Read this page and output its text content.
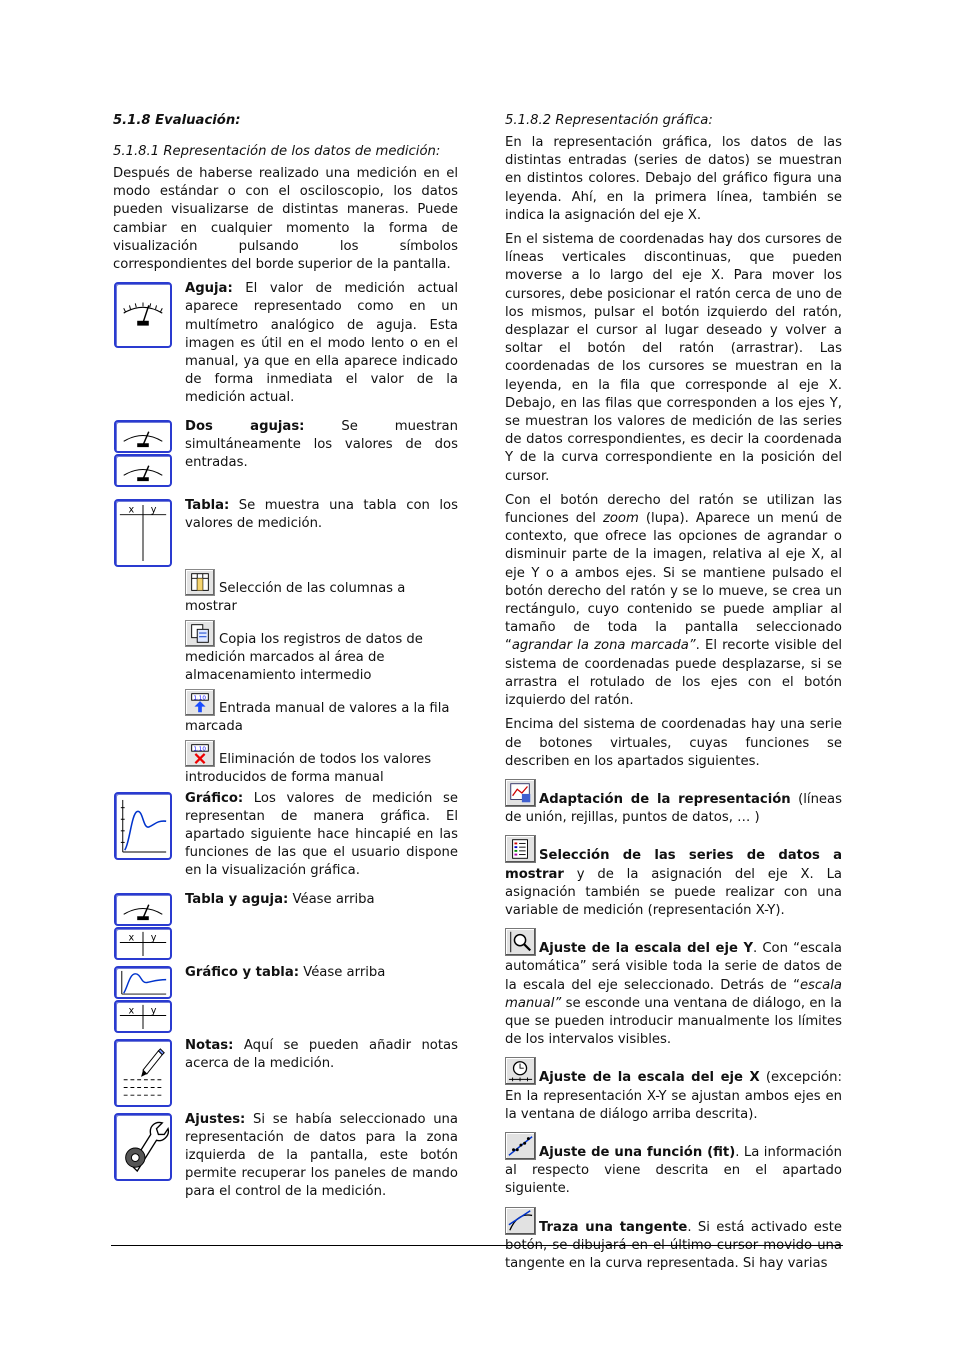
5.1.8 Evaluación:
5.1.8.1 Representación de los datos de medición:

Después de haberse realizado una medición en el modo estándar o con el osciloscopio, los datos pueden visualizarse de distintas maneras. Puede cambiar en cualquier momento la forma de visualización pulsando los símbolos correspondientes del borde superior de la pantalla.

Aguja: El valor de medición actual aparece representado como en un multímetro analógico de aguja. Esta imagen es útil en el modo lento o en el manual, ya que en ella aparece indicado de forma inmediata el valor de la medición actual.

Dos agujas: Se muestran simultáneamente los valores de dos entradas.

x y Tabla: Se muestra una tabla con los valores de medición.

Selección de las columnas a mostrar
Copia los registros de datos de medición marcados al área de almacenamiento intermedio
1.10
Entrada manual de valores a la fila marcada
1.10
Eliminación de todos los valores introducidos de forma manual

Gráfico: Los valores de medición se representan de manera gráfica. El apartado siguiente hace hincapié en las funciones de las que el usuario dispone en la visualización gráfica.

x y

Tabla y aguja: Véase arriba

x y

Gráfico y tabla: Véase arriba

Notas: Aquí se pueden añadir notas acerca de la medición.

Ajustes: Si se había seleccionado una representación de datos para la zona izquierda de la pantalla, este botón permite recuperar los paneles de mando para el control de la medición.

5.1.8.2 Representación gráfica:

En la representación gráfica, los datos de las distintas entradas (series de datos) se muestran en distintos colores. Debajo del gráfico figura una leyenda. Ahí, en la primera línea, también se indica la asignación del eje X.

En el sistema de coordenadas hay dos cursores de líneas verticales discontinuas, que pueden moverse a lo largo del eje X. Para mover los cursores, debe posicionar el ratón cerca de uno de los mismos, pulsar el botón izquierdo del ratón, desplazar el cursor al lugar deseado y volver a soltar el botón del ratón (arrastrar). Las coordenadas de los cursores se muestran en la leyenda, en la fila que corresponde al eje X. Debajo, en las filas que corresponden a los ejes Y, se muestran los valores de medición de las series de datos correspondientes, es decir la coordenada Y de la curva correspondiente en la posición del cursor.

Con el botón derecho del ratón se utilizan las funciones del zoom (lupa). Aparece un menú de contexto, que ofrece las opciones de agrandar o disminuir parte de la imagen, relativa al eje X, al eje Y o a ambos ejes. Si se mantiene pulsado el botón derecho del ratón y se lo mueve, se crea un rectángulo, cuyo contenido se puede ampliar al tamaño de toda la pantalla seleccionado “agrandar la zona marcada”. El recorte visible del sistema de coordenadas puede desplazarse, si se arrastra el rotulado de los ejes con el botón izquierdo del ratón.

Encima del sistema de coordenadas hay una serie de botones virtuales, cuyas funciones se describen en los apartados siguientes.

Adaptación de la representación (líneas de unión, rejillas, puntos de datos, … )

Selección de las series de datos a mostrar y de la asignación del eje X. La asignación también se puede realizar con una variable de medición (representación X-Y).

Ajuste de la escala del eje Y. Con “escala automática” será visible toda la serie de datos de la escala del eje seleccionado. Detrás de “escala manual” se esconde una ventana de diálogo, en la que se pueden introducir manualmente los límites de los intervalos visibles.

Ajuste de la escala del eje X (excepción: En la representación X-Y se ajustan ambos ejes en la ventana de diálogo arriba descrita).

Ajuste de una función (fit). La información al respecto viene descrita en el apartado siguiente.

Traza una tangente. Si está activado este botón, se dibujará en el último cursor movido una tangente en la curva representada. Si hay varias
